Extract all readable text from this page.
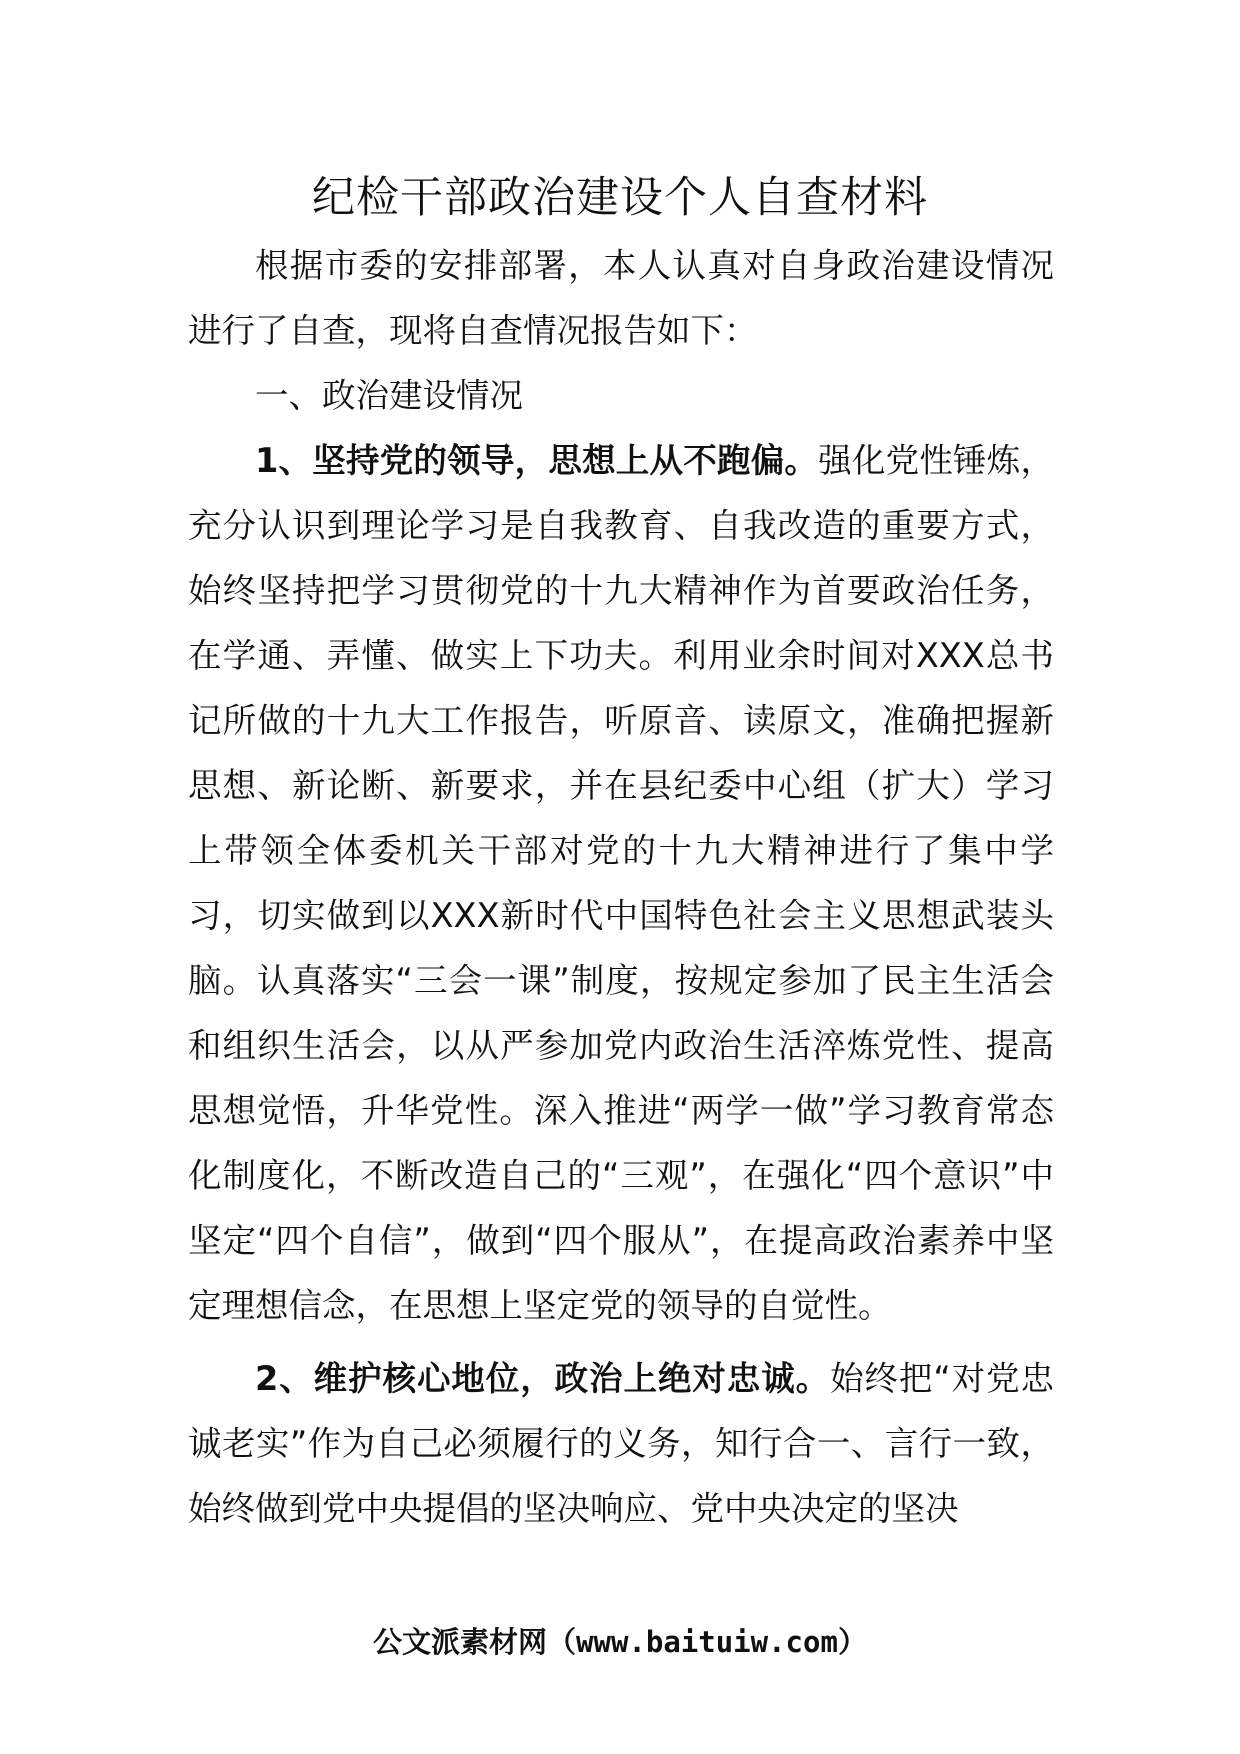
纪检干部政治建设个人自查材料

根据市委的安排部署，本人认真对自身政治建设情况进行了自查，现将自查情况报告如下：

一、政治建设情况

1、坚持党的领导，思想上从不跑偏。强化党性锤炼，充分认识到理论学习是自我教育、自我改造的重要方式，始终坚持把学习贯彻党的十九大精神作为首要政治任务，在学通、弄懂、做实上下功夫。利用业余时间对XXX总书记所做的十九大工作报告，听原音、读原文，准确把握新思想、新论断、新要求，并在县纪委中心组（扩大）学习上带领全体委机关干部对党的十九大精神进行了集中学习，切实做到以XXX新时代中国特色社会主义思想武装头脑。认真落实“三会一课”制度，按规定参加了民主生活会和组织生活会，以从严参加党内政治生活淬炼党性、提高思想觉悟，升华党性。深入推进“两学一做”学习教育常态化制度化，不断改造自己的“三观”，在强化“四个意识”中坚定“四个自信”，做到“四个服从”，在提高政治素养中坚定理想信念，在思想上坚定党的领导的自觉性。

2、维护核心地位，政治上绝对忠诚。始终把“对党忠诚老实”作为自己必须履行的义务，知行合一、言行一致，始终做到党中央提倡的坚决响应、党中央决定的坚决

公文派素材网（www.baituiw.com）
